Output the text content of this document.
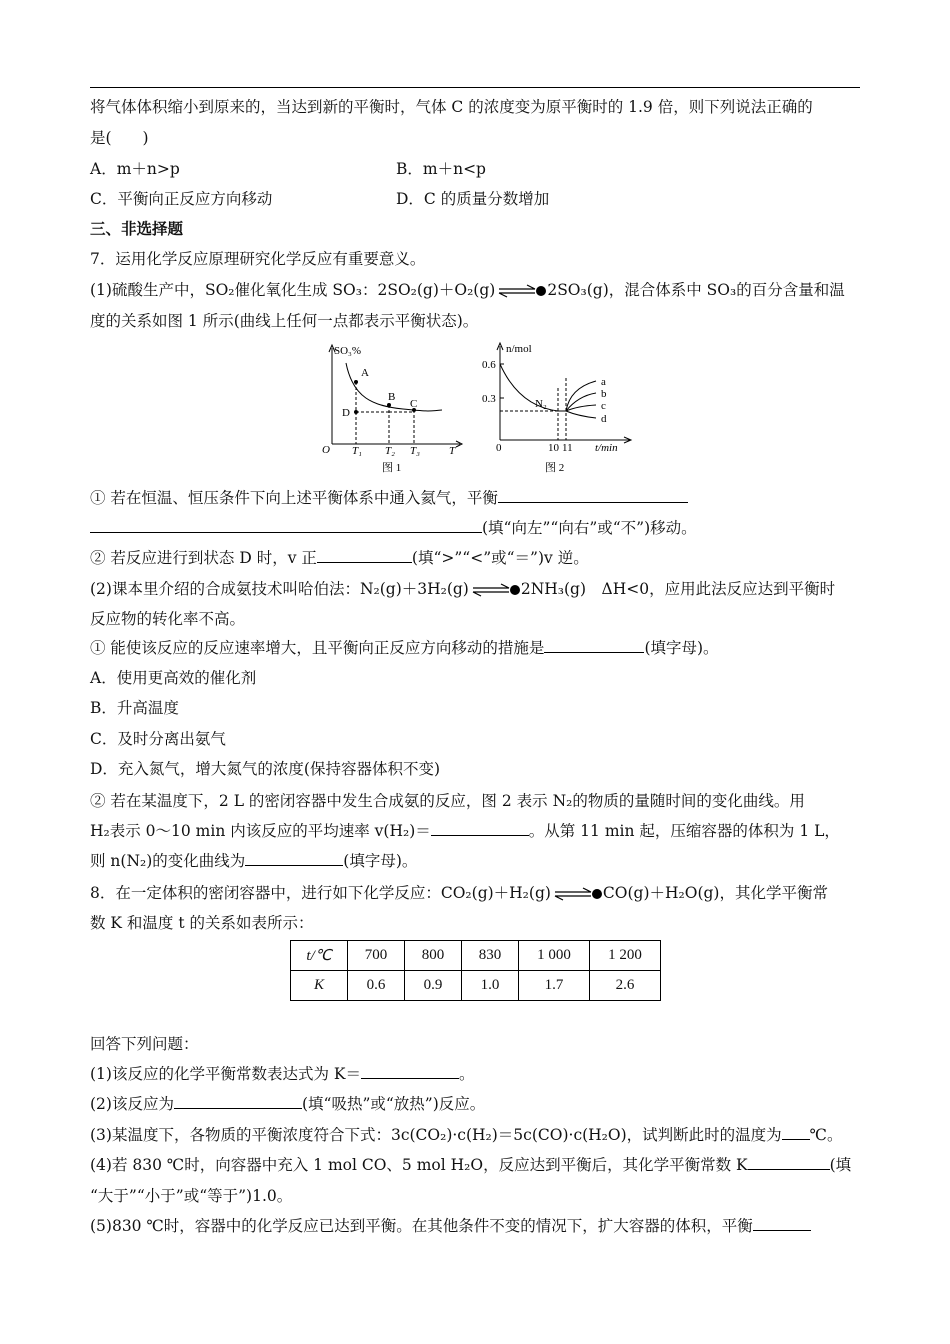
将气体体积缩小到原来的，当达到新的平衡时，气体 C 的浓度变为原平衡时的 1.9 倍，则下列说法正确的
是(　　)
A．m＋n>p	B．m＋n<p
C．平衡向正反应方向移动	D．C 的质量分数增加
三、非选择题
7．运用化学反应原理研究化学反应有重要意义。
(1)硫酸生产中，SO₂催化氧化生成 SO₃：2SO₂(g)＋O₂(g)⇌2SO₃(g)，混合体系中 SO₃的百分含量和温
度的关系如图 1 所示(曲线上任何一点都表示平衡状态)。
SO₃%
A
B
C
D
O T₁ T₂ T₃	T
图 1
n/mol
0.6
0.3	N₂
a
b
c
d
0	10 11 t/min
图 2
① 若在恒温、恒压条件下向上述平衡体系中通入氦气，平衡
(填“向左”“向右”或“不”)移动。
② 若反应进行到状态 D 时，v 正	(填“>”“<”或“＝”)v 逆。
(2)课本里介绍的合成氨技术叫哈伯法：N₂(g)＋3H₂(g)⇌2NH₃(g)　ΔH<0，应用此法反应达到平衡时
反应物的转化率不高。
① 能使该反应的反应速率增大，且平衡向正反应方向移动的措施是	(填字母)。
A．使用更高效的催化剂
B．升高温度
C．及时分离出氨气
D．充入氮气，增大氮气的浓度(保持容器体积不变)
② 若在某温度下，2 L 的密闭容器中发生合成氨的反应，图 2 表示 N₂的物质的量随时间的变化曲线。用
H₂表示 0～10 min 内该反应的平均速率 v(H₂)＝	。从第 11 min 起，压缩容器的体积为 1 L，
则 n(N₂)的变化曲线为	(填字母)。
8．在一定体积的密闭容器中，进行如下化学反应：CO₂(g)＋H₂(g)⇌CO(g)＋H₂O(g)，其化学平衡常
数 K 和温度 t 的关系如表所示：
t/℃	700	800	830	1 000	1 200
K	0.6	0.9	1.0	1.7	2.6
回答下列问题：
(1)该反应的化学平衡常数表达式为 K＝	。
(2)该反应为	(填“吸热”或“放热”)反应。
(3)某温度下，各物质的平衡浓度符合下式：3c(CO₂)·c(H₂)＝5c(CO)·c(H₂O)，试判断此时的温度为 ℃。
(4)若 830 ℃时，向容器中充入 1 mol CO、5 mol H₂O，反应达到平衡后，其化学平衡常数 K	(填
“大于”“小于”或“等于”)1.0。
(5)830 ℃时，容器中的化学反应已达到平衡。在其他条件不变的情况下，扩大容器的体积，平衡
